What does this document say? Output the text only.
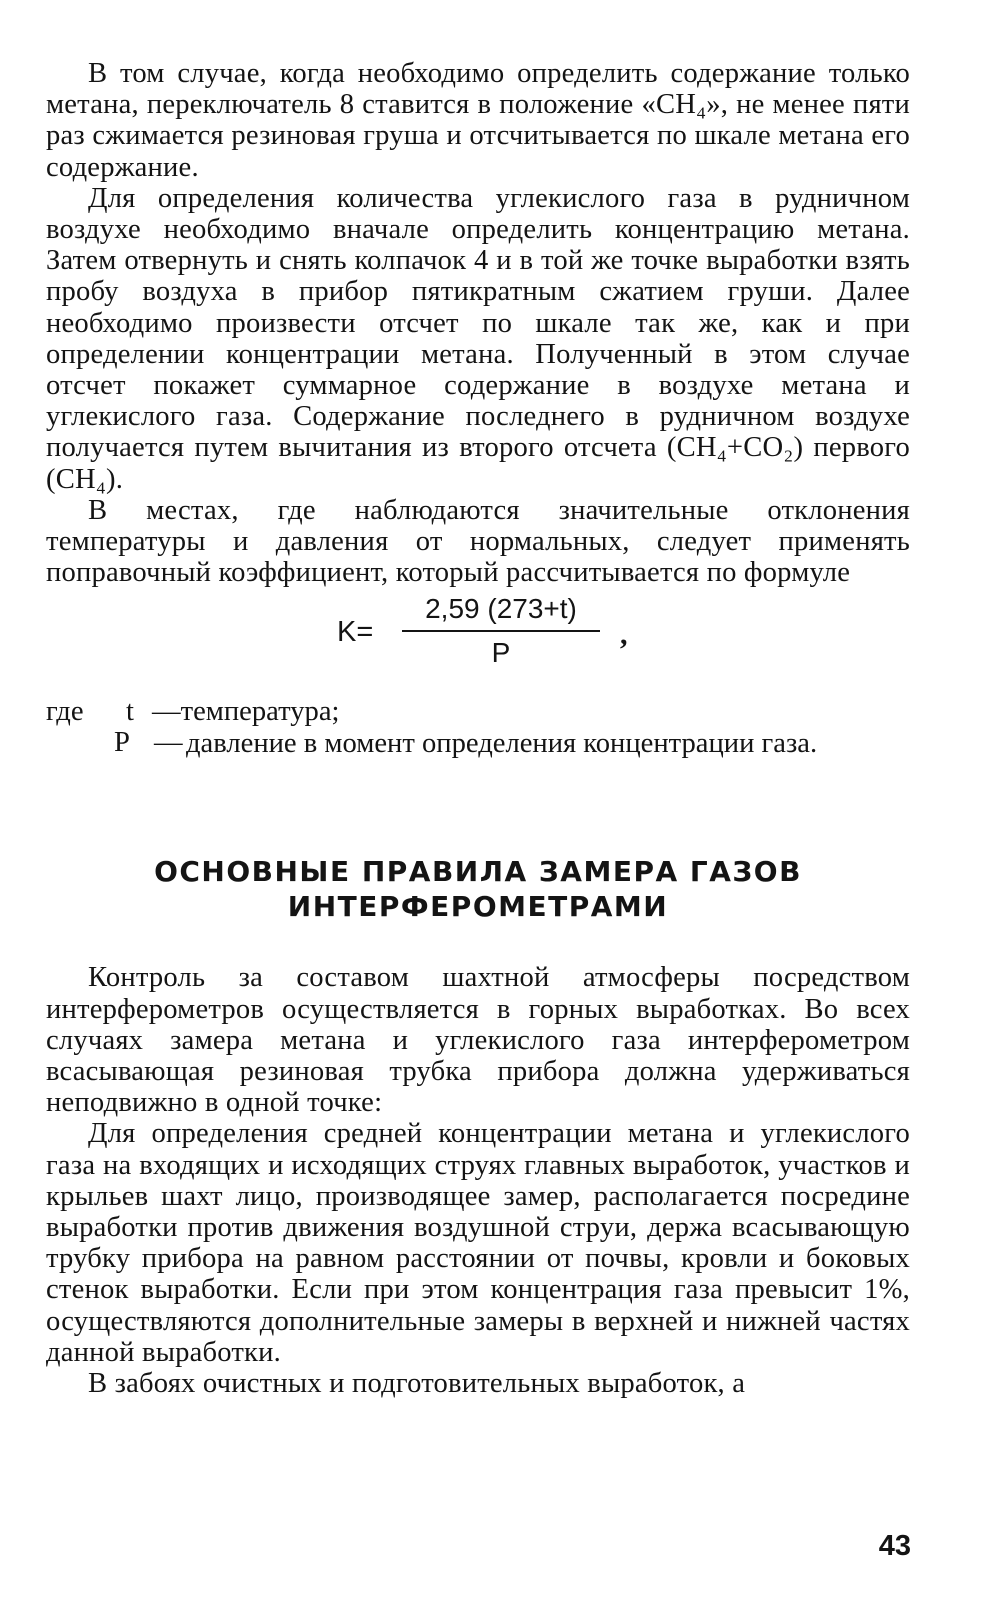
В том случае, когда необходимо определить содержание только метана, переключатель 8 ставится в положение «CH₄», не менее пяти раз сжимается резиновая груша и отсчитывается по шкале метана его содержание.

Для определения количества углекислого газа в рудничном воздухе необходимо вначале определить концентрацию метана. Затем отвернуть и снять колпачок 4 и в той же точке выработки взять пробу воздуха в прибор пятикратным сжатием груши. Далее необходимо произвести отсчет по шкале так же, как и при определении концентрации метана. Полученный в этом случае отсчет покажет суммарное содержание в воздухе метана и углекислого газа. Содержание последнего в рудничном воздухе получается путем вычитания из второго отсчета (CH₄+CO₂) первого (CH₄).

В местах, где наблюдаются значительные отклонения температуры и давления от нормальных, следует применять поправочный коэффициент, который рассчитывается по формуле

$K= \frac{2,59 (273+t)}{P}$ ,
где t —температура;
P — давление в момент определения концентрации газа.
ОСНОВНЫЕ ПРАВИЛА ЗАМЕРА ГАЗОВ
ИНТЕРФЕРОМЕТРАМИ

Контроль за составом шахтной атмосферы посредством интерферометров осуществляется в горных выработках. Во всех случаях замера метана и углекислого газа интерферометром всасывающая резиновая трубка прибора должна удерживаться неподвижно в одной точке:

Для определения средней концентрации метана и углекислого газа на входящих и исходящих струях главных выработок, участков и крыльев шахт лицо, производящее замер, располагается посредине выработки против движения воздушной струи, держа всасывающую трубку прибора на равном расстоянии от почвы, кровли и боковых стенок выработки. Если при этом концентрация газа превысит 1%, осуществляются дополнительные замеры в верхней и нижней частях данной выработки.

В забоях очистных и подготовительных выработок, а

43
